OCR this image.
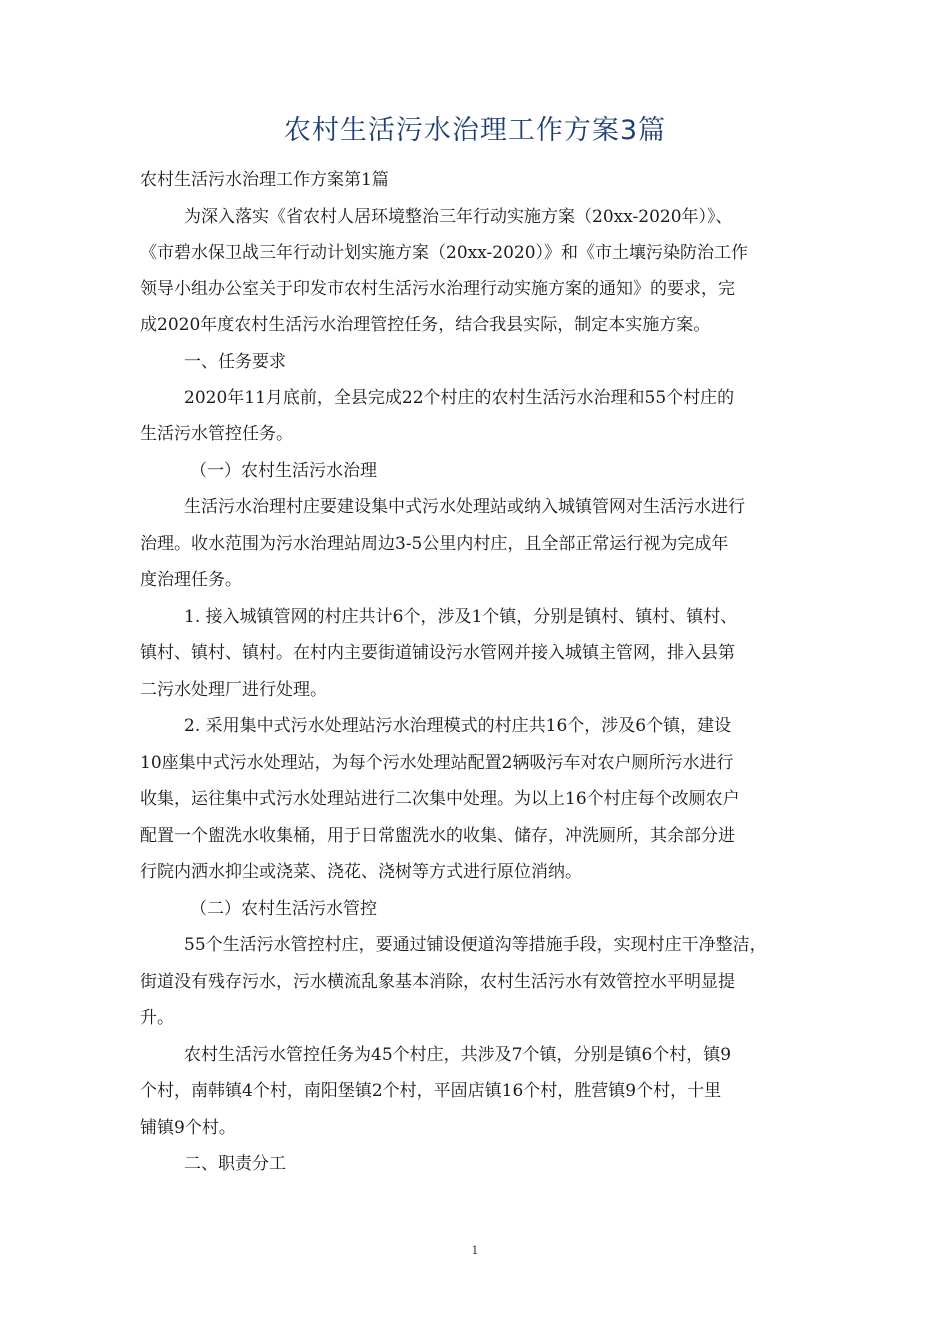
农村生活污水治理工作方案3篇
农村生活污水治理工作方案第1篇
为深入落实《省农村人居环境整治三年行动实施方案（20xx-2020年）》、
《市碧水保卫战三年行动计划实施方案（20xx-2020）》和《市土壤污染防治工作
领导小组办公室关于印发市农村生活污水治理行动实施方案的通知》的要求，完
成2020年度农村生活污水治理管控任务，结合我县实际，制定本实施方案。
一、任务要求
2020年11月底前，全县完成22个村庄的农村生活污水治理和55个村庄的
生活污水管控任务。
（一）农村生活污水治理
生活污水治理村庄要建设集中式污水处理站或纳入城镇管网对生活污水进行
治理。收水范围为污水治理站周边3-5公里内村庄，且全部正常运行视为完成年
度治理任务。
1. 接入城镇管网的村庄共计6个，涉及1个镇，分别是镇村、镇村、镇村、
镇村、镇村、镇村。在村内主要街道铺设污水管网并接入城镇主管网，排入县第
二污水处理厂进行处理。
2. 采用集中式污水处理站污水治理模式的村庄共16个，涉及6个镇，建设
10座集中式污水处理站，为每个污水处理站配置2辆吸污车对农户厕所污水进行
收集，运往集中式污水处理站进行二次集中处理。为以上16个村庄每个改厕农户
配置一个盥洗水收集桶，用于日常盥洗水的收集、储存，冲洗厕所，其余部分进
行院内洒水抑尘或浇菜、浇花、浇树等方式进行原位消纳。
（二）农村生活污水管控
55个生活污水管控村庄，要通过铺设便道沟等措施手段，实现村庄干净整洁，
街道没有残存污水，污水横流乱象基本消除，农村生活污水有效管控水平明显提
升。
农村生活污水管控任务为45个村庄，共涉及7个镇，分别是镇6个村，镇9
个村，南韩镇4个村，南阳堡镇2个村，平固店镇16个村，胜营镇9个村，十里
铺镇9个村。
二、职责分工
1
